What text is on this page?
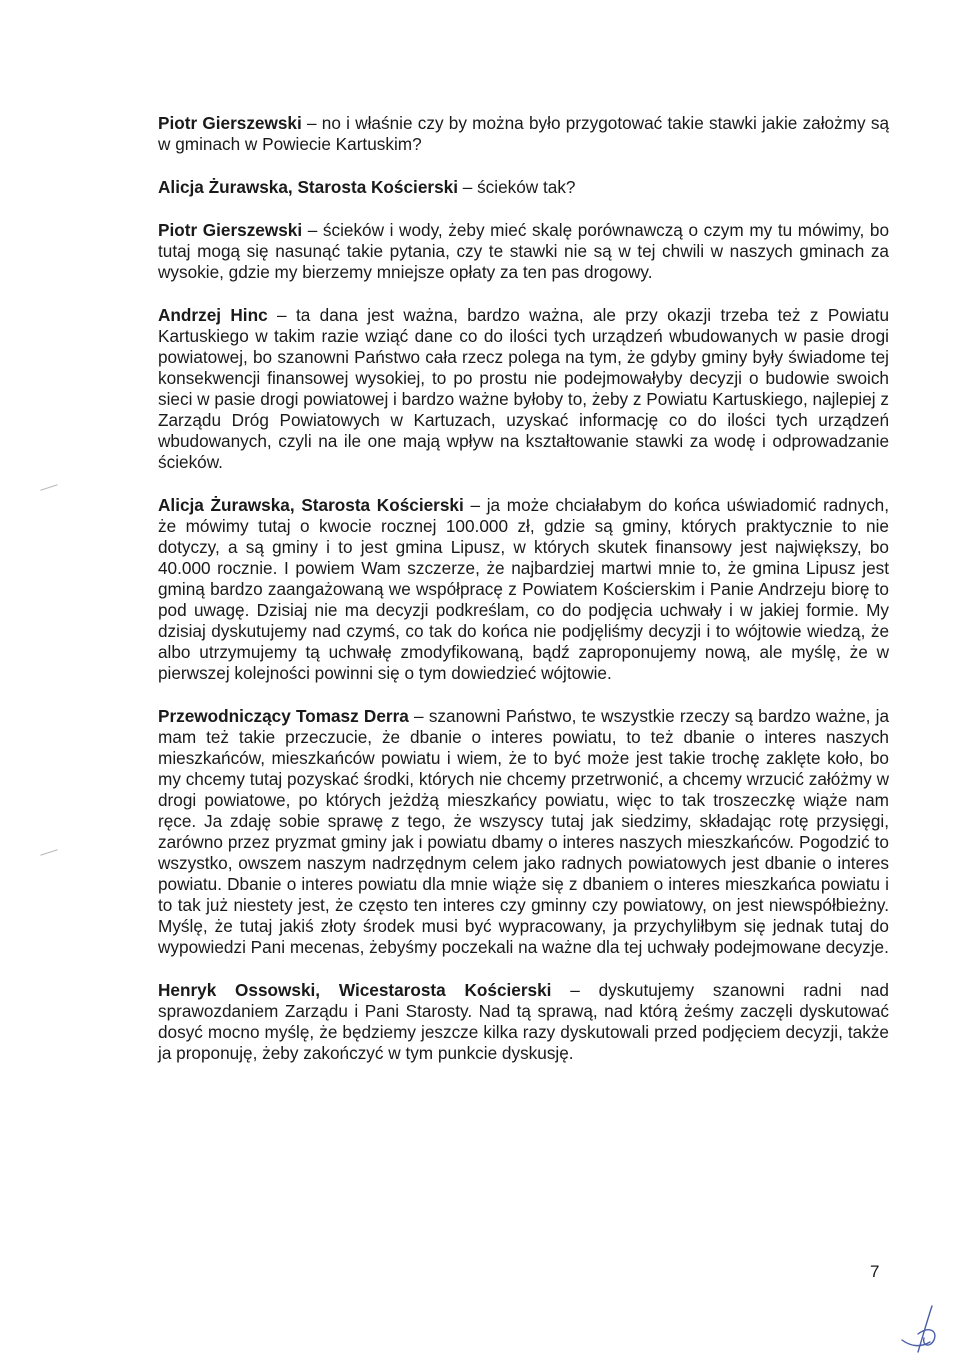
Piotr Gierszewski – no i właśnie czy by można było przygotować takie stawki jakie założmy są w gminach w Powiecie Kartuskim?

Alicja Żurawska, Starosta Kościerski – ścieków tak?

Piotr Gierszewski – ścieków i wody, żeby mieć skalę porównawczą o czym my tu mówimy, bo tutaj mogą się nasunąć takie pytania, czy te stawki nie są w tej chwili w naszych gminach za wysokie, gdzie my bierzemy mniejsze opłaty za ten pas drogowy.

Andrzej Hinc – ta dana jest ważna, bardzo ważna, ale przy okazji trzeba też z Powiatu Kartuskiego w takim razie wziąć dane co do ilości tych urządzeń wbudowanych w pasie drogi powiatowej, bo szanowni Państwo cała rzecz polega na tym, że gdyby gminy były świadome tej konsekwencji finansowej wysokiej, to po prostu nie podejmowałyby decyzji o budowie swoich sieci w pasie drogi powiatowej i bardzo ważne byłoby to, żeby z Powiatu Kartuskiego, najlepiej z Zarządu Dróg Powiatowych w Kartuzach, uzyskać informację co do ilości tych urządzeń wbudowanych, czyli na ile one mają wpływ na kształtowanie stawki za wodę i odprowadzanie ścieków.

Alicja Żurawska, Starosta Kościerski – ja może chciałabym do końca uświadomić radnych, że mówimy tutaj o kwocie rocznej 100.000 zł, gdzie są gminy, których praktycznie to nie dotyczy, a są gminy i to jest gmina Lipusz, w których skutek finansowy jest największy, bo 40.000 rocznie. I powiem Wam szczerze, że najbardziej martwi mnie to, że gmina Lipusz jest gminą bardzo zaangażowaną we współpracę z Powiatem Kościerskim i Panie Andrzeju biorę to pod uwagę. Dzisiaj nie ma decyzji podkreślam, co do podjęcia uchwały i w jakiej formie. My dzisiaj dyskutujemy nad czymś, co tak do końca nie podjęliśmy decyzji i to wójtowie wiedzą, że albo utrzymujemy tą uchwałę zmodyfikowaną, bądź zaproponujemy nową, ale myślę, że w pierwszej kolejności powinni się o tym dowiedzieć wójtowie.

Przewodniczący Tomasz Derra – szanowni Państwo, te wszystkie rzeczy są bardzo ważne, ja mam też takie przeczucie, że dbanie o interes powiatu, to też dbanie o interes naszych mieszkańców, mieszkańców powiatu i wiem, że to być może jest takie trochę zaklęte koło, bo my chcemy tutaj pozyskać środki, których nie chcemy przetrwonić, a chcemy wrzucić załóżmy w drogi powiatowe, po których jeżdżą mieszkańcy powiatu, więc to tak troszeczkę wiąże nam ręce. Ja zdaję sobie sprawę z tego, że wszyscy tutaj jak siedzimy, składając rotę przysięgi, zarówno przez pryzmat gminy jak i powiatu dbamy o interes naszych mieszkańców. Pogodzić to wszystko, owszem naszym nadrzędnym celem jako radnych powiatowych jest dbanie o interes powiatu. Dbanie o interes powiatu dla mnie wiąże się z dbaniem o interes mieszkańca powiatu i to tak już niestety jest, że często ten interes czy gminny czy powiatowy, on jest niewspółbieżny. Myślę, że tutaj jakiś złoty środek musi być wypracowany, ja przychyliłbym się jednak tutaj do wypowiedzi Pani mecenas, żebyśmy poczekali na ważne dla tej uchwały podejmowane decyzje.

Henryk Ossowski, Wicestarosta Kościerski – dyskutujemy szanowni radni nad sprawozdaniem Zarządu i Pani Starosty. Nad tą sprawą, nad którą żeśmy zaczęli dyskutować dosyć mocno myślę, że będziemy jeszcze kilka razy dyskutowali przed podjęciem decyzji, także ja proponuję, żeby zakończyć w tym punkcie dyskusję.

7
